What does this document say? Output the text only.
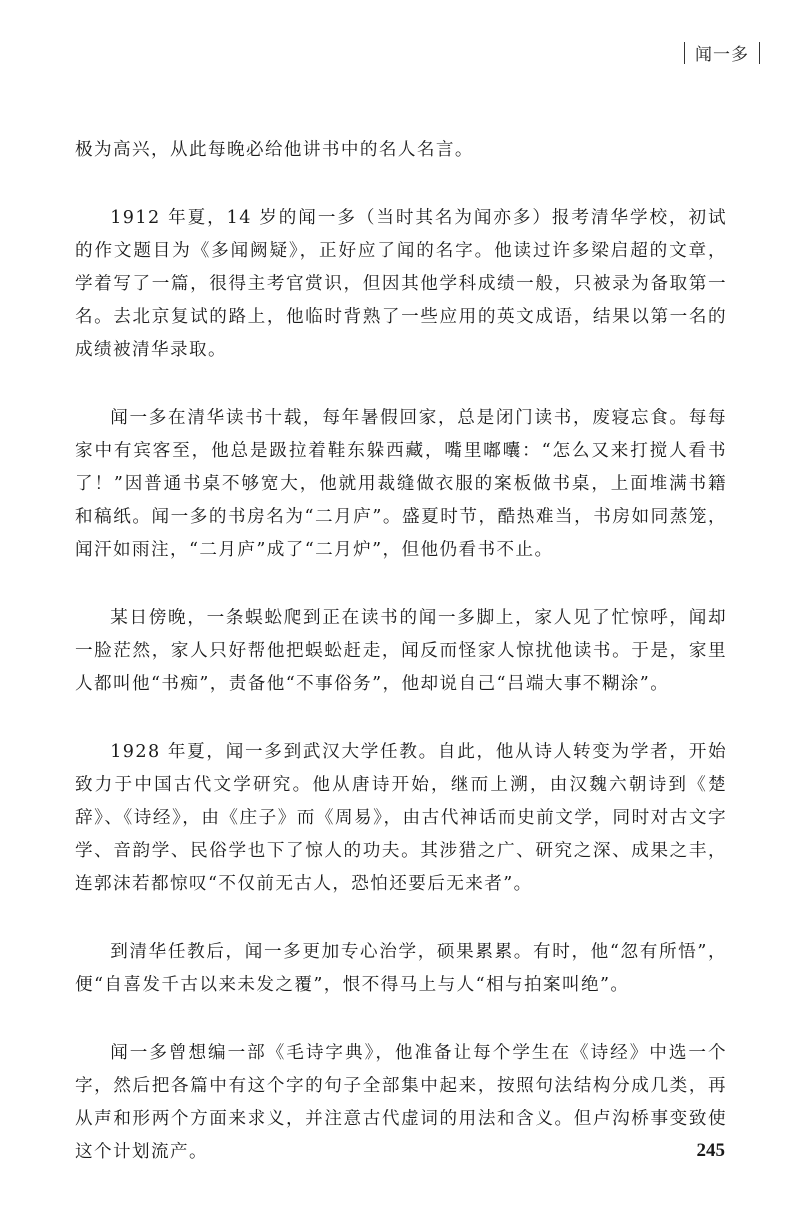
闻一多

极为高兴，从此每晚必给他讲书中的名人名言。

1912 年夏，14 岁的闻一多（当时其名为闻亦多）报考清华学校，初试的作文题目为《多闻阙疑》，正好应了闻的名字。他读过许多梁启超的文章，学着写了一篇，很得主考官赏识，但因其他学科成绩一般，只被录为备取第一名。去北京复试的路上，他临时背熟了一些应用的英文成语，结果以第一名的成绩被清华录取。

闻一多在清华读书十载，每年暑假回家，总是闭门读书，废寝忘食。每每家中有宾客至，他总是趿拉着鞋东躲西藏，嘴里嘟囔：“怎么又来打搅人看书了！”因普通书桌不够宽大，他就用裁缝做衣服的案板做书桌，上面堆满书籍和稿纸。闻一多的书房名为“二月庐”。盛夏时节，酷热难当，书房如同蒸笼，闻汗如雨注，“二月庐”成了“二月炉”，但他仍看书不止。

某日傍晚，一条蜈蚣爬到正在读书的闻一多脚上，家人见了忙惊呼，闻却一脸茫然，家人只好帮他把蜈蚣赶走，闻反而怪家人惊扰他读书。于是，家里人都叫他“书痴”，责备他“不事俗务”，他却说自己“吕端大事不糊涂”。

1928 年夏，闻一多到武汉大学任教。自此，他从诗人转变为学者，开始致力于中国古代文学研究。他从唐诗开始，继而上溯，由汉魏六朝诗到《楚辞》、《诗经》，由《庄子》而《周易》，由古代神话而史前文学，同时对古文字学、音韵学、民俗学也下了惊人的功夫。其涉猎之广、研究之深、成果之丰，连郭沫若都惊叹“不仅前无古人，恐怕还要后无来者”。

到清华任教后，闻一多更加专心治学，硕果累累。有时，他“忽有所悟”，便“自喜发千古以来未发之覆”，恨不得马上与人“相与拍案叫绝”。

闻一多曾想编一部《毛诗字典》，他准备让每个学生在《诗经》中选一个字，然后把各篇中有这个字的句子全部集中起来，按照句法结构分成几类，再从声和形两个方面来求义，并注意古代虚词的用法和含义。但卢沟桥事变致使这个计划流产。	245
